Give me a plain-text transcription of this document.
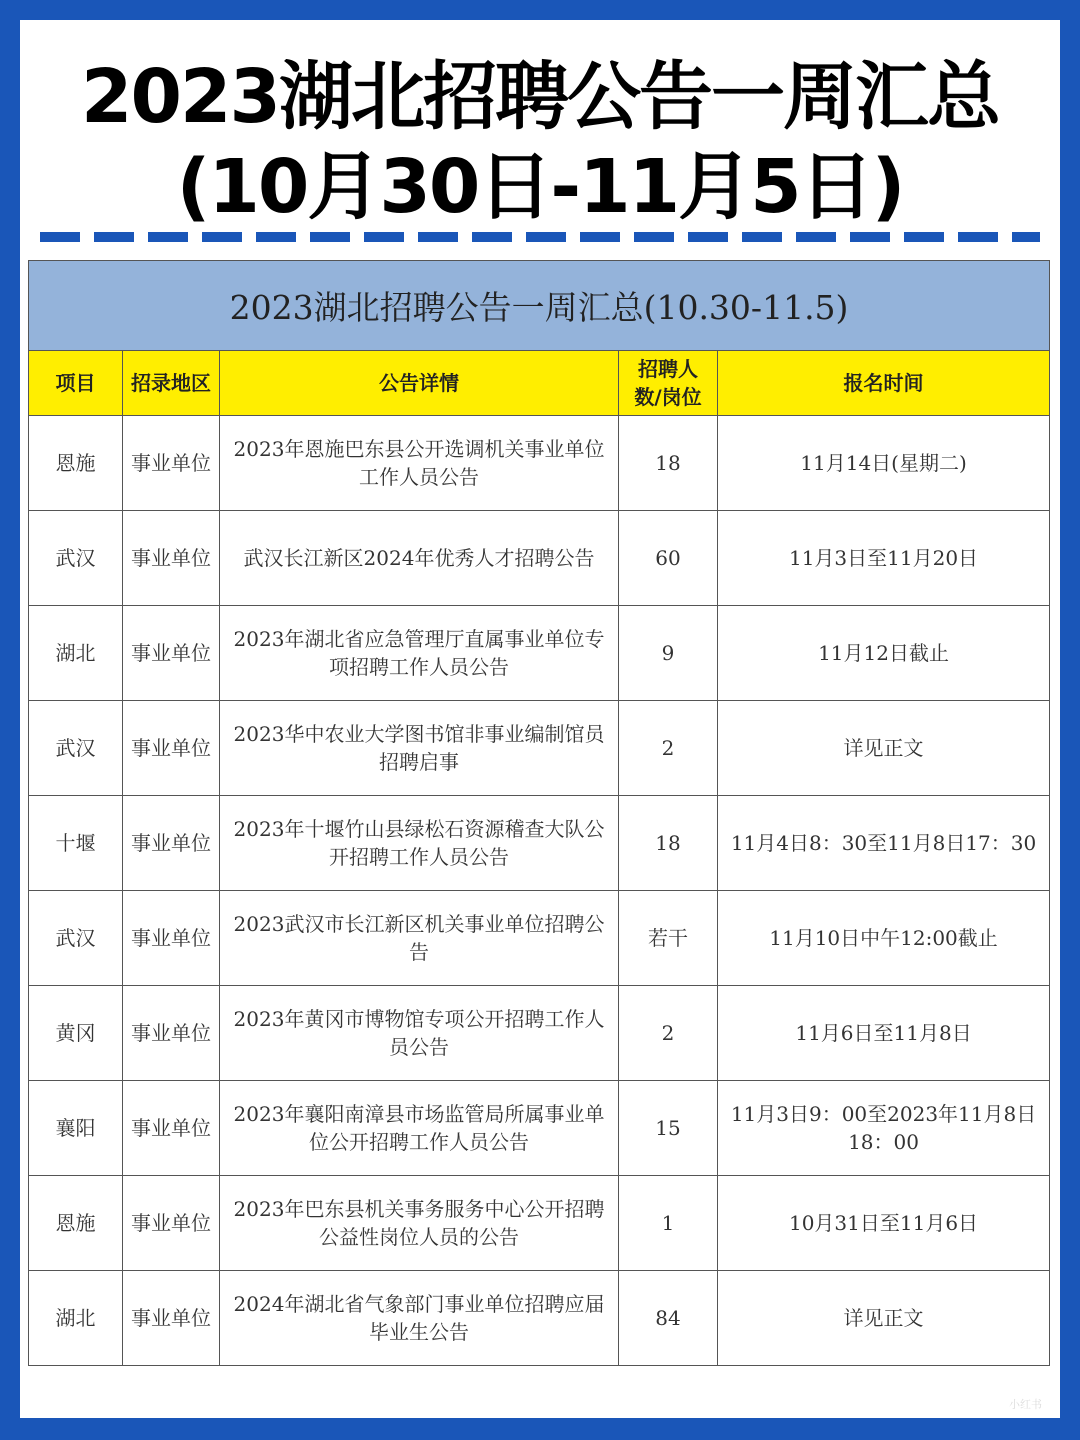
2023湖北招聘公告一周汇总
(10月30日-11月5日)
2023湖北招聘公告一周汇总(10.30-11.5)				
项目	招录地区	公告详情	招聘人数/岗位	报名时间
恩施	事业单位	2023年恩施巴东县公开选调机关事业单位工作人员公告	18	11月14日(星期二)
武汉	事业单位	武汉长江新区2024年优秀人才招聘公告	60	11月3日至11月20日
湖北	事业单位	2023年湖北省应急管理厅直属事业单位专项招聘工作人员公告	9	11月12日截止
武汉	事业单位	2023华中农业大学图书馆非事业编制馆员招聘启事	2	详见正文
十堰	事业单位	2023年十堰竹山县绿松石资源稽查大队公开招聘工作人员公告	18	11月4日8：30至11月8日17：30
武汉	事业单位	2023武汉市长江新区机关事业单位招聘公告	若干	11月10日中午12:00截止
黄冈	事业单位	2023年黄冈市博物馆专项公开招聘工作人员公告	2	11月6日至11月8日
襄阳	事业单位	2023年襄阳南漳县市场监管局所属事业单位公开招聘工作人员公告	15	11月3日9：00至2023年11月8日18：00
恩施	事业单位	2023年巴东县机关事务服务中心公开招聘公益性岗位人员的公告	1	10月31日至11月6日
湖北	事业单位	2024年湖北省气象部门事业单位招聘应届毕业生公告	84	详见正文
小红书
